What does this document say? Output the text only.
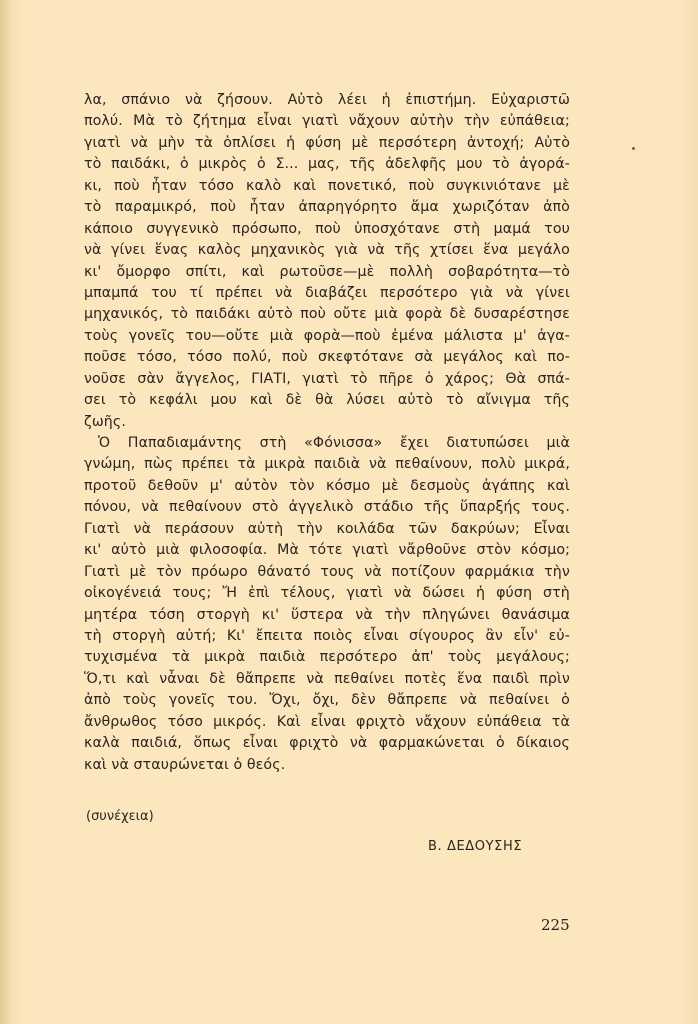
λα, σπάνιο νὰ ζήσουν. Αὐτὸ λέει ἡ ἐπιστήμη. Εὐχαριστῶ
πολύ. Μὰ τὸ ζήτημα εἶναι γιατὶ νἄχουν αὐτὴν τὴν εὐπάθεια;
γιατὶ νὰ μὴν τὰ ὁπλίσει ἡ φύση μὲ περσότερη ἀντοχή; Αὐτὸ
τὸ παιδάκι, ὁ μικρὸς ὁ Σ... μας, τῆς ἀδελφῆς μου τὸ ἀγορά-
κι, ποὺ ἦταν τόσο καλὸ καὶ πονετικό, ποὺ συγκινιότανε μὲ
τὸ παραμικρό, ποὺ ἦταν ἀπαρηγόρητο ἅμα χωριζόταν ἀπὸ
κάποιο συγγενικὸ πρόσωπο, ποὺ ὑποσχότανε στὴ μαμά του
νὰ γίνει ἕνας καλὸς μηχανικὸς γιὰ νὰ τῆς χτίσει ἕνα μεγάλο
κι' ὄμορφο σπίτι, καὶ ρωτοῦσε—μὲ πολλὴ σοβαρότητα—τὸ
μπαμπά του τί πρέπει νὰ διαβάζει περσότερο γιὰ νὰ γίνει
μηχανικός, τὸ παιδάκι αὐτὸ ποὺ οὔτε μιὰ φορὰ δὲ δυσαρέστησε
τοὺς γονεῖς του—οὔτε μιὰ φορὰ—ποὺ ἐμένα μάλιστα μ' ἀγα-
ποῦσε τόσο, τόσο πολύ, ποὺ σκεφτότανε σὰ μεγάλος καὶ πο-
νοῦσε σὰν ἄγγελος, ΓΙΑΤΙ, γιατὶ τὸ πῆρε ὁ χάρος; Θὰ σπά-
σει τὸ κεφάλι μου καὶ δὲ θὰ λύσει αὐτὸ τὸ αἴνιγμα τῆς
ζωῆς.
Ὁ Παπαδιαμάντης στὴ «Φόνισσα» ἔχει διατυπώσει μιὰ
γνώμη, πὼς πρέπει τὰ μικρὰ παιδιὰ νὰ πεθαίνουν, πολὺ μικρά,
προτοῦ δεθοῦν μ' αὐτὸν τὸν κόσμο μὲ δεσμοὺς ἀγάπης καὶ
πόνου, νὰ πεθαίνουν στὸ ἀγγελικὸ στάδιο τῆς ὕπαρξής τους.
Γιατὶ νὰ περάσουν αὐτὴ τὴν κοιλάδα τῶν δακρύων; Εἶναι
κι' αὐτὸ μιὰ φιλοσοφία. Μὰ τότε γιατὶ νἄρθοῦνε στὸν κόσμο;
Γιατὶ μὲ τὸν πρόωρο θάνατό τους νὰ ποτίζουν φαρμάκια τὴν
οἰκογένειά τους; Ἤ ἐπὶ τέλους, γιατὶ νὰ δώσει ἡ φύση στὴ
μητέρα τόση στοργὴ κι' ὕστερα νὰ τὴν πληγώνει θανάσιμα
τὴ στοργὴ αὐτή; Κι' ἔπειτα ποιὸς εἶναι σίγουρος ἂν εἶν' εὐ-
τυχισμένα τὰ μικρὰ παιδιὰ περσότερο ἀπ' τοὺς μεγάλους;
Ὅ,τι καὶ νἆναι δὲ θἄπρεπε νὰ πεθαίνει ποτὲς ἕνα παιδὶ πρὶν
ἀπὸ τοὺς γονεῖς του. Ὄχι, ὄχι, δὲν θἄπρεπε νὰ πεθαίνει ὁ
ἄνθρωθος τόσο μικρός. Καὶ εἶναι φριχτὸ νἄχουν εὐπάθεια τὰ
καλὰ παιδιά, ὅπως εἶναι φριχτὸ νὰ φαρμακώνεται ὁ δίκαιος
καὶ νὰ σταυρώνεται ὁ θεός.
(συνέχεια)
Β. ΔΕΔΟΥΣΗΣ
225
